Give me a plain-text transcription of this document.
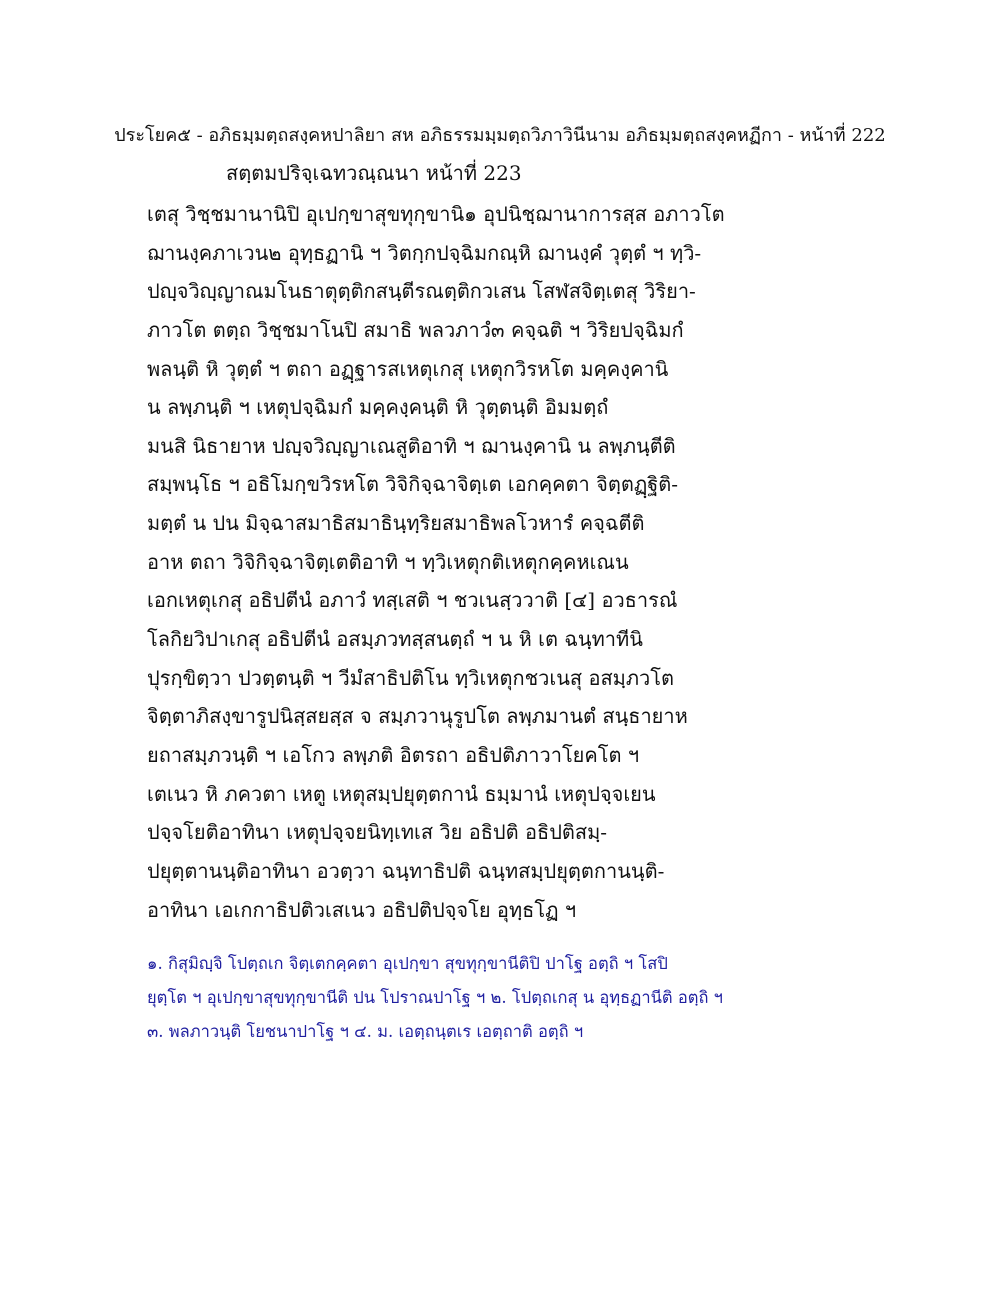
ประโยค๕ - อภิธมฺมตฺถสงฺคหปาลิยา สห อภิธรรมมฺมตฺถวิภาวินีนาม อภิธมฺมตฺถสงฺคหฏีกา - หน้าที่ 222
สตฺตมปริจฺเฉทวณฺณนา หน้าที่ 223
เตสุ วิชฺชมานานิปิ อุเปกฺขาสุขทุกฺขานิ๑ อุปนิชฺฌานาการสฺส อภาวโต
ฌานงฺคภาเวน๒ อุทฺธฏานิ ฯ วิตกฺกปจฺฉิมกณฺหิ ฌานงฺคํ วุตฺตํ ฯ ทฺวิ-
ปญฺจวิญฺญาณมโนธาตุตฺติกสนฺตีรณตฺติกวเสน โสฬสจิตฺเตสุ วิริยา-
ภาวโต ตตฺถ วิชฺชมาโนปิ สมาธิ พลวภาวํ๓ คจฺฉติ ฯ วิริยปจฺฉิมกํ
พลนฺติ หิ วุตฺตํ ฯ ตถา อฏฺฐารสเหตุเกสุ เหตุกวิรหโต มคฺคงฺคานิ
น ลพฺภนฺติ ฯ เหตุปจฺฉิมกํ มคฺคงฺคนฺติ หิ วุตฺตนฺติ อิมมตฺถํ
มนสิ นิธายาห ปญฺจวิญฺญาเณสูติอาทิ ฯ ฌานงฺคานิ น ลพฺภนฺตีติ
สมฺพนฺโธ ฯ อธิโมกฺขวิรหโต วิจิกิจฺฉาจิตฺเต เอกคฺคตา จิตฺตฏฺฐิติ-
มตฺตํ น ปน มิจฺฉาสมาธิสมาธินฺทฺริยสมาธิพลโวหารํ คจฺฉตีติ
อาห ตถา วิจิกิจฺฉาจิตฺเตติอาทิ ฯ ทฺวิเหตุกติเหตุกคฺคหเณน
เอกเหตุเกสุ อธิปตีนํ อภาวํ ทสฺเสติ ฯ ชวเนสฺววาติ [๔] อวธารณํ
โลกิยวิปาเกสุ อธิปตีนํ อสมฺภวทสฺสนตฺถํ ฯ น หิ เต ฉนฺทาทีนิ
ปุรกฺขิตฺวา ปวตฺตนฺติ ฯ วีมํสาธิปติโน ทฺวิเหตุกชวเนสุ อสมฺภวโต
จิตฺตาภิสงฺขารูปนิสฺสยสฺส จ สมฺภวานุรูปโต ลพฺภมานตํ สนฺธายาห
ยถาสมฺภวนฺติ ฯ เอโกว ลพฺภติ อิตรถา อธิปติภาวาโยคโต ฯ
เตเนว หิ ภควตา เหตู เหตุสมฺปยุตฺตกานํ ธมฺมานํ เหตุปจฺจเยน
ปจฺจโยติอาทินา เหตุปจฺจยนิทฺเทเส วิย อธิปติ อธิปติสมฺ-
ปยุตฺตานนฺติอาทินา อวตฺวา ฉนฺทาธิปติ ฉนฺทสมฺปยุตฺตกานนฺติ-
อาทินา เอเกกาธิปติวเสเนว อธิปติปจฺจโย อุทฺธโฏ ฯ
๑. กิสุมิญฺจิ โปตฺถเก จิตฺเตกคฺคตา อุเปกฺขา สุขทุกฺขานีติปิ ปาโฐ อตฺถิ ฯ โสปิ
ยุตฺโต ฯ อุเปกฺขาสุขทุกฺขานีติ ปน โปราณปาโฐ ฯ ๒. โปตฺถเกสุ น อุทฺธฏานีติ อตฺถิ ฯ
๓. พลภาวนฺติ โยชนาปาโฐ ฯ ๔. ม. เอตฺถนฺตเร เอตฺถาติ อตฺถิ ฯ
